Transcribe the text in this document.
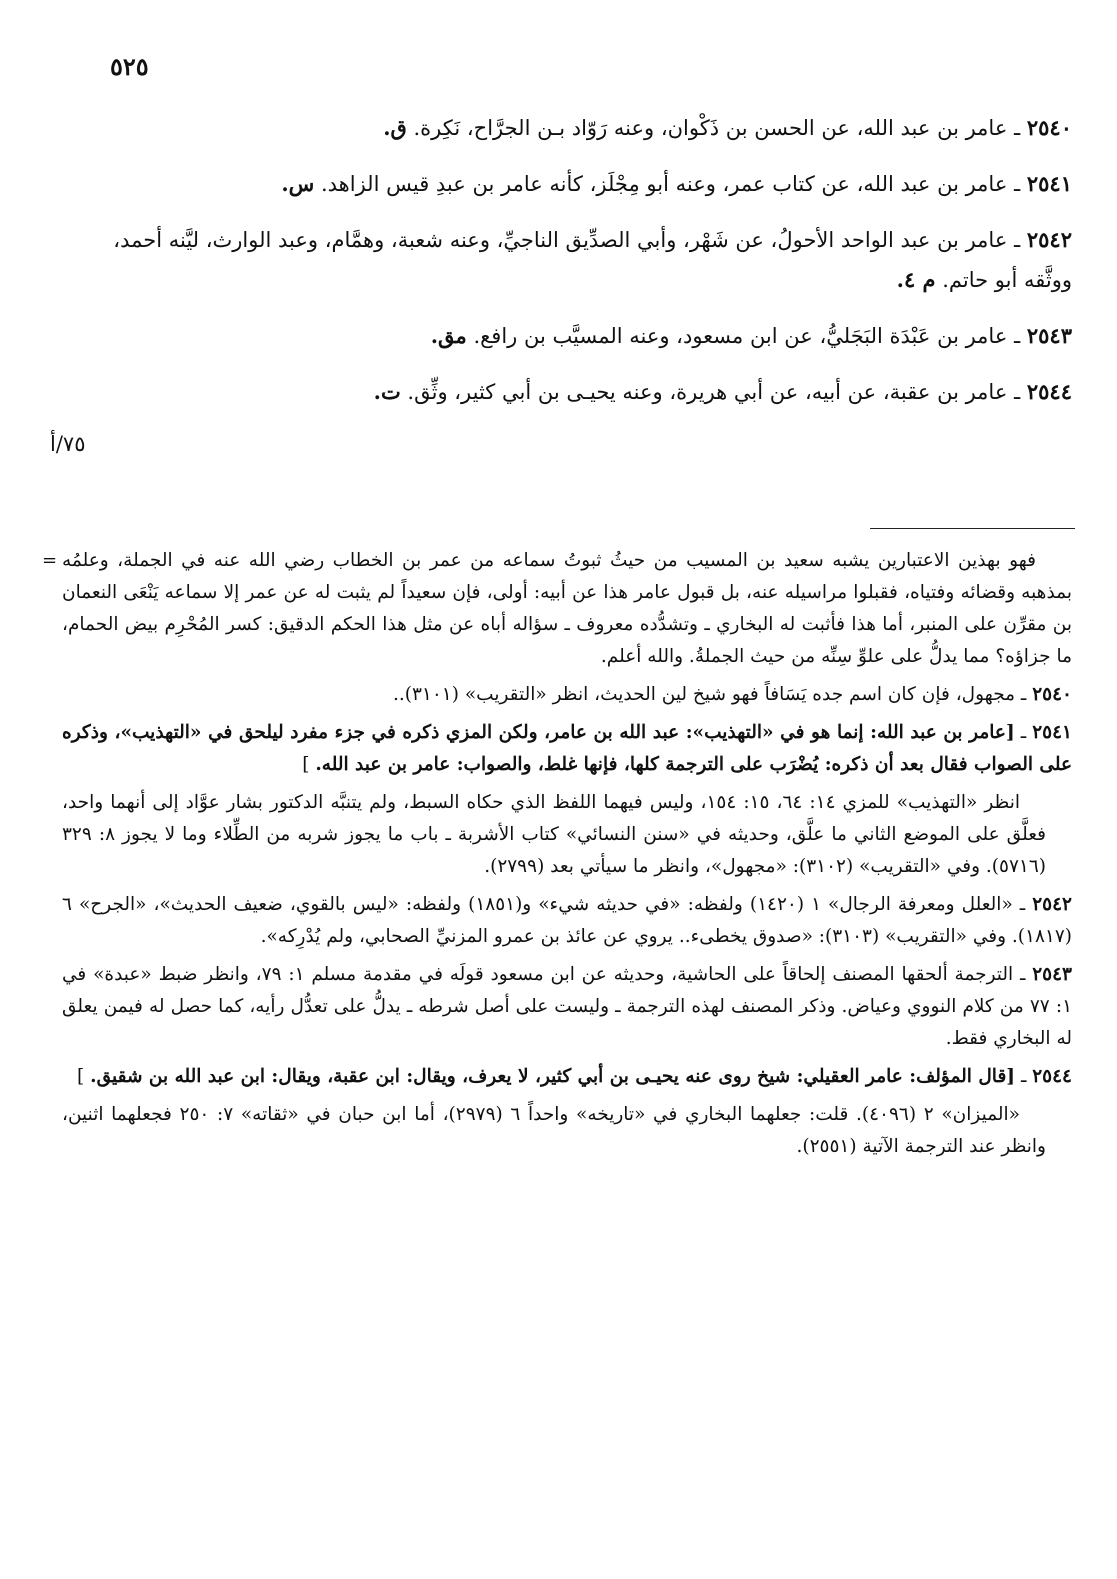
٥٢٥
٢٥٤٠ ـ عامر بن عبد الله، عن الحسن بن ذَكْوان، وعنه رَوّاد بـن الجرَّاح، نَكِرة. ق.
٢٥٤١ ـ عامر بن عبد الله، عن كتاب عمر، وعنه أبو مِجْلَز، كأنه عامر بن عبدِ قيس الزاهد. س.
٢٥٤٢ ـ عامر بن عبد الواحد الأحولُ، عن شَهْر، وأبي الصدِّيق الناجيِّ، وعنه شعبة، وهمَّام، وعبد الوارث، ليَّنه أحمد، ووثَّقه أبو حاتم. م ٤.
٢٥٤٣ ـ عامر بن عَبْدَة البَجَليُّ، عن ابن مسعود، وعنه المسيَّب بن رافع. مق.
٢٥٤٤ ـ عامر بن عقبة، عن أبيه، عن أبي هريرة، وعنه يحيـى بن أبي كثير، وثِّق. ت.
٧٥/أ
= فهو بهذين الاعتبارين يشبه سعيد بن المسيب من حيثُ ثبوتُ سماعه من عمر بن الخطاب رضي الله عنه في الجملة، وعلمُه بمذهبه وقضائه وفتياه، فقبلوا مراسيله عنه، بل قبول عامر هذا عن أبيه: أولى، فإن سعيداً لم يثبت له عن عمر إلا سماعه يَنْعَى النعمان بن مقرِّن على المنبر، أما هذا فأثبت له البخاري ـ وتشدُّده معروف ـ سؤاله أباه عن مثل هذا الحكم الدقيق: كسر المُحْرِم بيض الحمام، ما جزاؤه؟ مما يدلُّ على علوِّ سِنِّه من حيث الجملةُ. والله أعلم.
٢٥٤٠ ـ مجهول، فإن كان اسم جده يَسَافاً فهو شيخ لين الحديث، انظر «التقريب» (٣١٠١)..
٢٥٤١ ـ [عامر بن عبد الله: إنما هو في «التهذيب»: عبد الله بن عامر، ولكن المزي ذكره في جزء مفرد ليلحق في «التهذيب»، وذكره على الصواب فقال بعد أن ذكره: يُضْرَب على الترجمة كلها، فإنها غلط، والصواب: عامر بن عبد الله. ]
انظر «التهذيب» للمزي ١٤: ٦٤، ١٥: ١٥٤، وليس فيهما اللفظ الذي حكاه السبط، ولم يتنبَّه الدكتور بشار عوَّاد إلى أنهما واحد، فعلَّق على الموضع الثاني ما علَّق، وحديثه في «سنن النسائي» كتاب الأشربة ـ باب ما يجوز شربه من الطِّلاء وما لا يجوز ٨: ٣٢٩ (٥٧١٦). وفي «التقريب» (٣١٠٢): «مجهول»، وانظر ما سيأتي بعد (٢٧٩٩).
٢٥٤٢ ـ «العلل ومعرفة الرجال» ١ (١٤٢٠) ولفظه: «في حديثه شيء» و(١٨٥١) ولفظه: «ليس بالقوي، ضعيف الحديث»، «الجرح» ٦ (١٨١٧). وفي «التقريب» (٣١٠٣): «صدوق يخطىء.. يروي عن عائذ بن عمرو المزنيِّ الصحابي، ولم يُدْرِكه».
٢٥٤٣ ـ الترجمة ألحقها المصنف إلحاقاً على الحاشية، وحديثه عن ابن مسعود قولَه في مقدمة مسلم ١: ٧٩، وانظر ضبط «عبدة» في ١: ٧٧ من كلام النووي وعياض. وذكر المصنف لهذه الترجمة ـ وليست على أصل شرطه ـ يدلُّ على تعدُّل رأيه، كما حصل له فيمن يعلق له البخاري فقط.
٢٥٤٤ ـ [قال المؤلف: عامر العقيلي: شيخ روى عنه يحيـى بن أبي كثير، لا يعرف، ويقال: ابن عقبة، ويقال: ابن عبد الله بن شقيق. ]
«الميزان» ٢ (٤٠٩٦). قلت: جعلهما البخاري في «تاريخه» واحداً ٦ (٢٩٧٩)، أما ابن حبان في «ثقاته» ٧: ٢٥٠ فجعلهما اثنين، وانظر عند الترجمة الآتية (٢٥٥١).
